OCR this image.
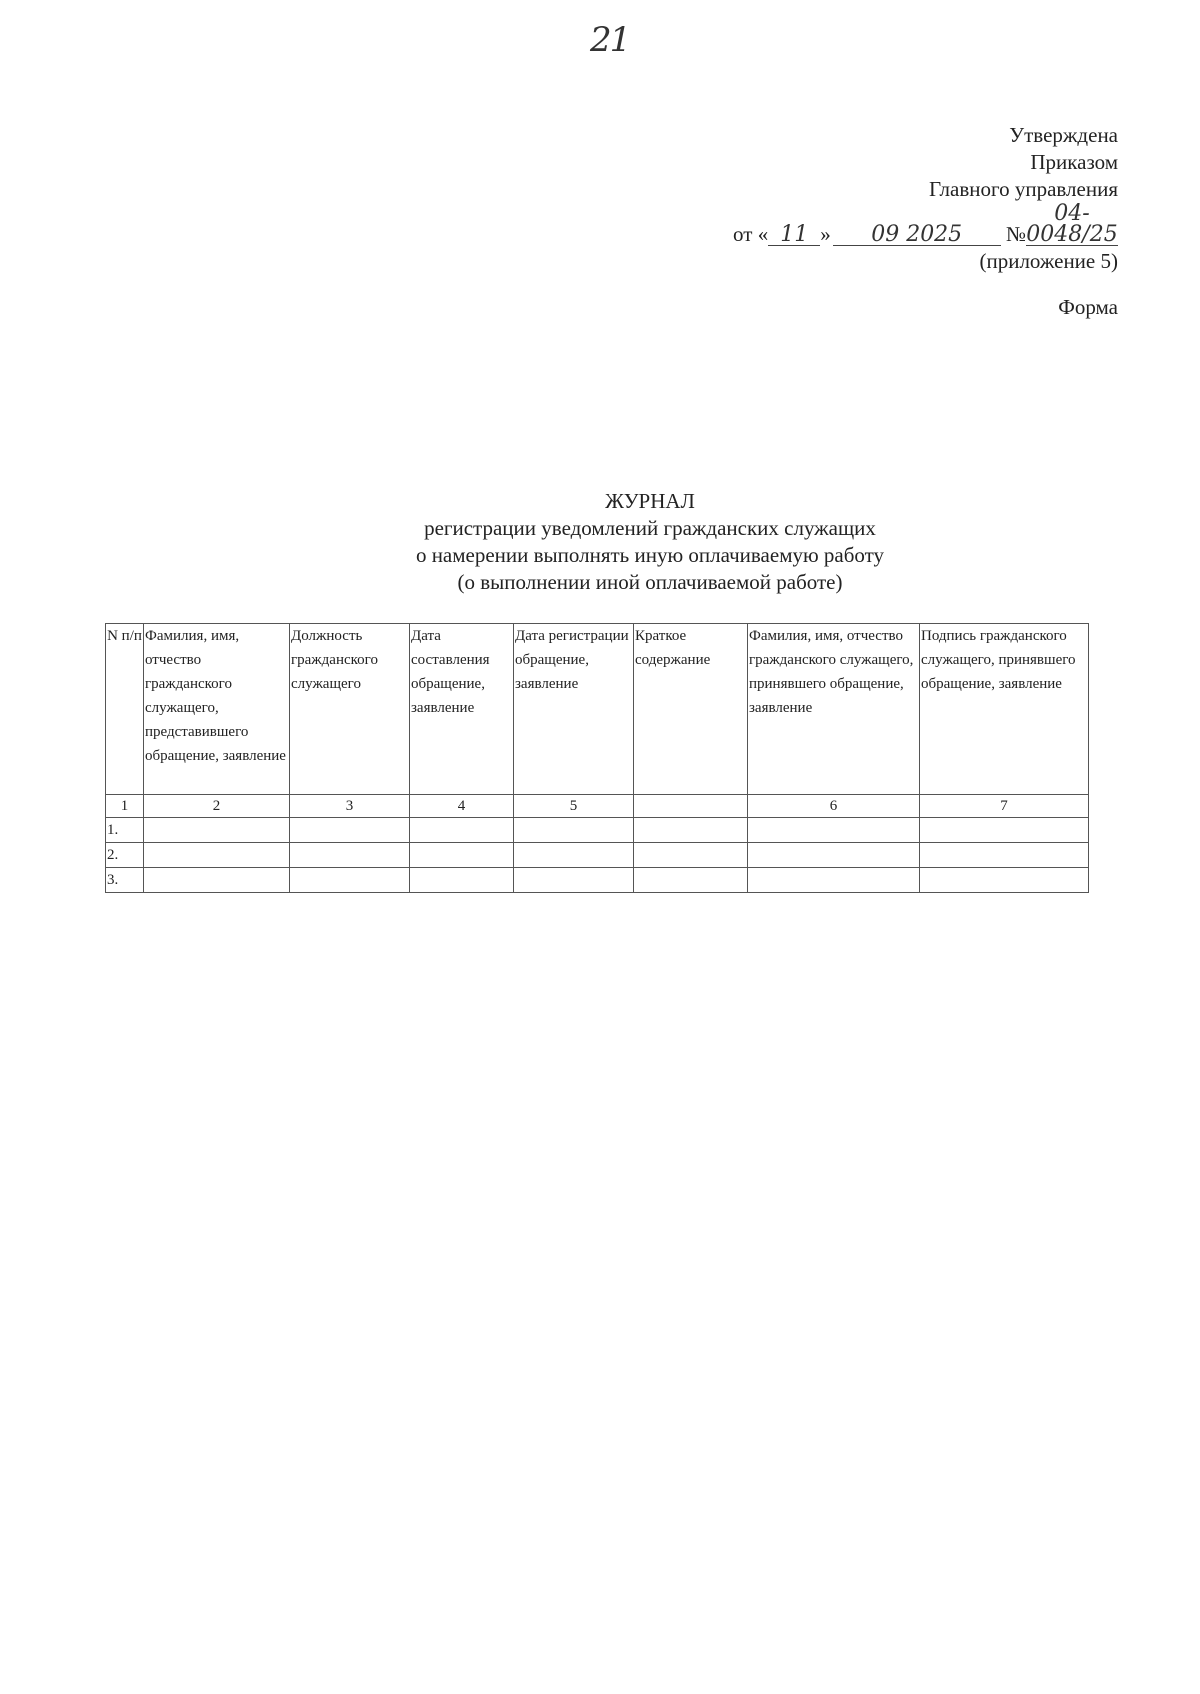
21
Утверждена
Приказом
Главного управления
от « 11 » 09 2025 №04-0048/25
(приложение 5)
Форма
ЖУРНАЛ
регистрации уведомлений гражданских служащих
о намерении выполнять иную оплачиваемую работу
(о выполнении иной оплачиваемой работе)
N п/п	Фамилия, имя, отчество гражданского служащего, представившего обращение, заявление	Должность гражданского служащего	Дата составления обращение, заявление	Дата регистрации обращение, заявление	Краткое содержание	Фамилия, имя, отчество гражданского служащего, принявшего обращение, заявление	Подпись гражданского служащего, принявшего обращение, заявление
1	2	3	4	5		6	7
1.							
2.							
3.							
